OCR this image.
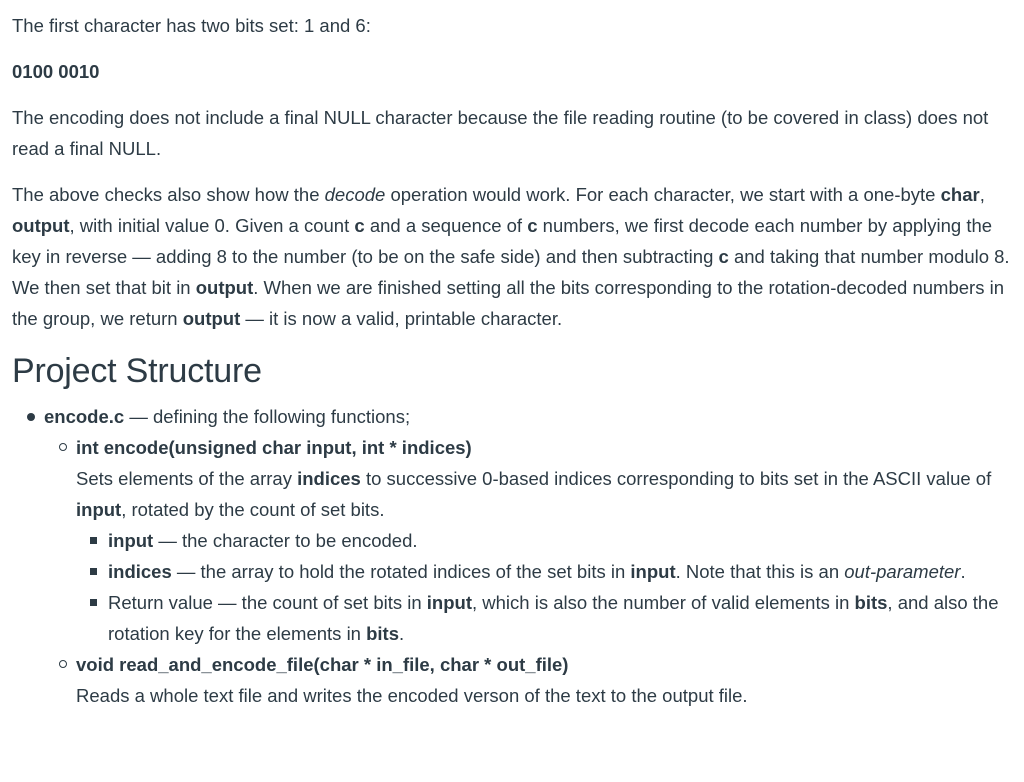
The first character has two bits set: 1 and 6:

0100 0010

The encoding does not include a final NULL character because the file reading routine (to be covered in class) does not read a final NULL.

The above checks also show how the decode operation would work. For each character, we start with a one-byte char, output, with initial value 0. Given a count c and a sequence of c numbers, we first decode each number by applying the key in reverse — adding 8 to the number (to be on the safe side) and then subtracting c and taking that number modulo 8. We then set that bit in output. When we are finished setting all the bits corresponding to the rotation-decoded numbers in the group, we return output — it is now a valid, printable character.

Project Structure
encode.c — defining the following functions;
int encode(unsigned char input, int * indices)
Sets elements of the array indices to successive 0-based indices corresponding to bits set in the ASCII value of input, rotated by the count of set bits.
input — the character to be encoded.
indices — the array to hold the rotated indices of the set bits in input. Note that this is an out-parameter.
Return value — the count of set bits in input, which is also the number of valid elements in bits, and also the rotation key for the elements in bits.
void read_and_encode_file(char * in_file, char * out_file)
Reads a whole text file and writes the encoded verson of the text to the output file.
